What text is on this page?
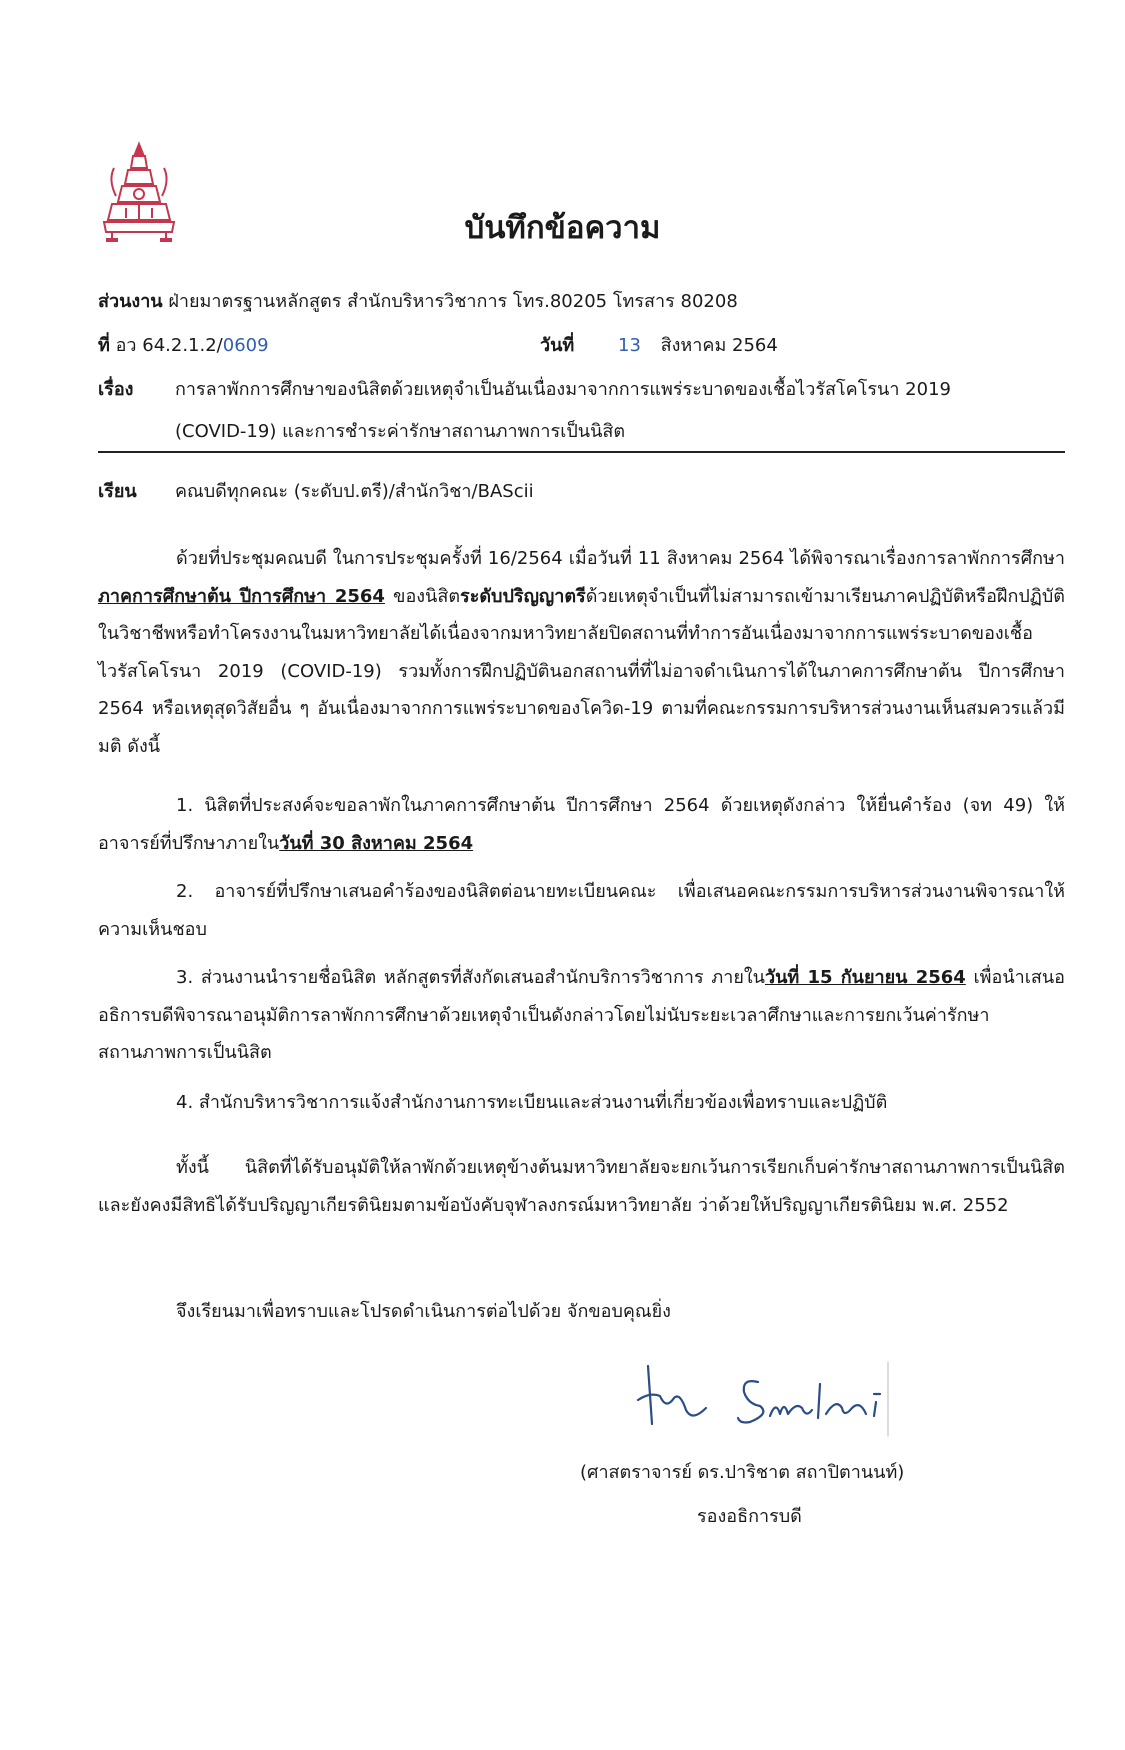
บันทึกข้อความ
ส่วนงาน ฝ่ายมาตรฐานหลักสูตร สำนักบริหารวิชาการ โทร.80205 โทรสาร 80208
ที่ อว 64.2.1.2/0609	วันที่ 13 สิงหาคม 2564
เรื่อง การลาพักการศึกษาของนิสิตด้วยเหตุจำเป็นอันเนื่องมาจากการแพร่ระบาดของเชื้อไวรัสโคโรนา 2019
(COVID-19) และการชำระค่ารักษาสถานภาพการเป็นนิสิต
เรียน คณบดีทุกคณะ (ระดับป.ตรี)/สำนักวิชา/BAScii

ด้วยที่ประชุมคณบดี ในการประชุมครั้งที่ 16/2564 เมื่อวันที่ 11 สิงหาคม 2564 ได้พิจารณาเรื่องการลาพักการศึกษาภาคการศึกษาต้น ปีการศึกษา 2564 ของนิสิตระดับปริญญาตรีด้วยเหตุจำเป็นที่ไม่สามารถเข้ามาเรียนภาคปฏิบัติหรือฝึกปฏิบัติในวิชาชีพหรือทำโครงงานในมหาวิทยาลัยได้เนื่องจากมหาวิทยาลัยปิดสถานที่ทำการอันเนื่องมาจากการแพร่ระบาดของเชื้อไวรัสโคโรนา 2019 (COVID-19) รวมทั้งการฝึกปฏิบัตินอกสถานที่ที่ไม่อาจดำเนินการได้ในภาคการศึกษาต้น ปีการศึกษา 2564 หรือเหตุสุดวิสัยอื่น ๆ อันเนื่องมาจากการแพร่ระบาดของโควิด-19 ตามที่คณะกรรมการบริหารส่วนงานเห็นสมควรแล้วมีมติ ดังนี้

1. นิสิตที่ประสงค์จะขอลาพักในภาคการศึกษาต้น ปีการศึกษา 2564 ด้วยเหตุดังกล่าว ให้ยื่นคำร้อง (จท 49) ให้อาจารย์ที่ปรึกษาภายในวันที่ 30 สิงหาคม 2564

2. อาจารย์ที่ปรึกษาเสนอคำร้องของนิสิตต่อนายทะเบียนคณะ เพื่อเสนอคณะกรรมการบริหารส่วนงานพิจารณาให้ความเห็นชอบ

3. ส่วนงานนำรายชื่อนิสิต หลักสูตรที่สังกัดเสนอสำนักบริการวิชาการ ภายในวันที่ 15 กันยายน 2564 เพื่อนำเสนออธิการบดีพิจารณาอนุมัติการลาพักการศึกษาด้วยเหตุจำเป็นดังกล่าวโดยไม่นับระยะเวลาศึกษาและการยกเว้นค่ารักษาสถานภาพการเป็นนิสิต

4. สำนักบริหารวิชาการแจ้งสำนักงานการทะเบียนและส่วนงานที่เกี่ยวข้องเพื่อทราบและปฏิบัติ

ทั้งนี้ นิสิตที่ได้รับอนุมัติให้ลาพักด้วยเหตุข้างต้นมหาวิทยาลัยจะยกเว้นการเรียกเก็บค่ารักษาสถานภาพการเป็นนิสิต และยังคงมีสิทธิได้รับปริญญาเกียรตินิยมตามข้อบังคับจุฬาลงกรณ์มหาวิทยาลัย ว่าด้วยให้ปริญญาเกียรตินิยม พ.ศ. 2552

จึงเรียนมาเพื่อทราบและโปรดดำเนินการต่อไปด้วย จักขอบคุณยิ่ง
(ศาสตราจารย์ ดร.ปาริชาต สถาปิตานนท์)
รองอธิการบดี
